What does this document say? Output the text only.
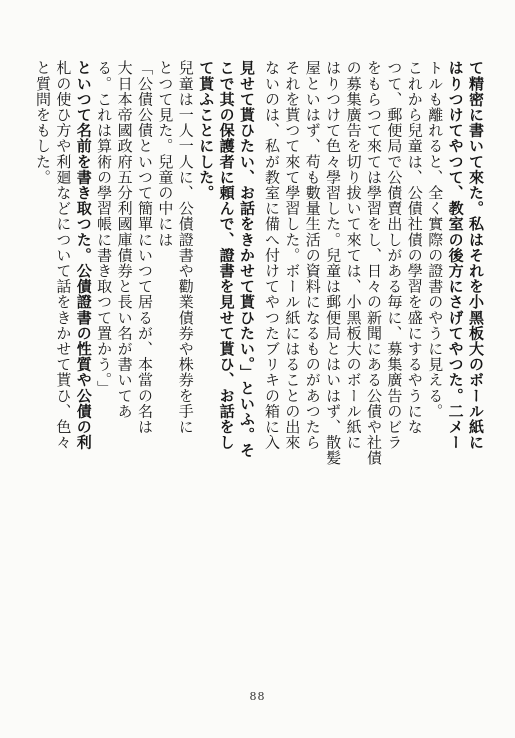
て精密に書いて來た。私はそれを小黑板大のボール紙に
はりつけてやつて、教室の後方にさげてやつた。二メー
トルも離れると、全く實際の證書のやうに見える。
これから兒童は、公債社債の學習を盛にするやうにな
つて、郵便局で公債賣出しがある毎に、募集廣告のビラ
をもらつて來ては學習をし、日々の新聞にある公債や社債
の募集廣告を切り拔いて來ては、小黑板大のボール紙に
はりつけて色々學習した。兒童は郵便局とはいはず、散髪
屋といはず、苟も數量生活の資料になるものがあつたら
それを貰つて來て學習した。ボール紙にはることの出來
ないのは、私が教室に備へ付けてやつたブリキの箱に入
見せて貰ひたい、お話をきかせて貰ひたい。」といふ。そ
こで其の保護者に頼んで、證書を見せて貰ひ、お話をし
て貰ふことにした。
兒童は一人一人に、公債證書や勸業債券や株券を手に
とつて見た。兒童の中には
「公債公債といつて簡單にいつて居るが、本當の名は
大日本帝國政府五分利國庫債券と長い名が書いてあ
る。これは算術の學習帳に書き取つて置かう。」
といつて名前を書き取つた。公債證書の性質や公債の利
札の使ひ方や利廻などについて話をきかせて貰ひ、色々
と質問をもした。
88
